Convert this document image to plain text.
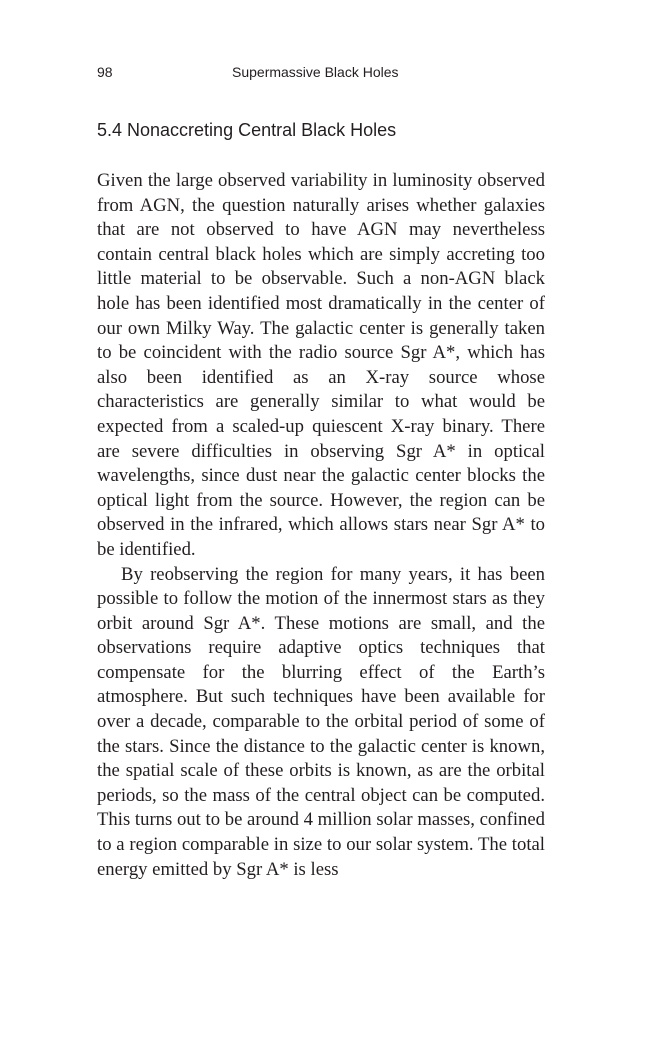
98	Supermassive Black Holes
5.4 Nonaccreting Central Black Holes

Given the large observed variability in luminosity observed from AGN, the question naturally arises whether galaxies that are not observed to have AGN may nevertheless contain central black holes which are simply accreting too little material to be observable. Such a non-AGN black hole has been identified most dramatically in the center of our own Milky Way. The galactic center is generally taken to be coincident with the radio source Sgr A*, which has also been identified as an X-ray source whose characteristics are generally similar to what would be expected from a scaled-up quiescent X-ray binary. There are severe difficulties in observing Sgr A* in optical wavelengths, since dust near the galactic center blocks the optical light from the source. However, the region can be observed in the infrared, which allows stars near Sgr A* to be identified.

By reobserving the region for many years, it has been possible to follow the motion of the innermost stars as they orbit around Sgr A*. These motions are small, and the observations require adaptive optics techniques that compensate for the blurring effect of the Earth’s atmosphere. But such techniques have been available for over a decade, comparable to the orbital period of some of the stars. Since the distance to the galactic center is known, the spatial scale of these orbits is known, as are the orbital periods, so the mass of the central object can be computed. This turns out to be around 4 million solar masses, confined to a region comparable in size to our solar system. The total energy emitted by Sgr A* is less
